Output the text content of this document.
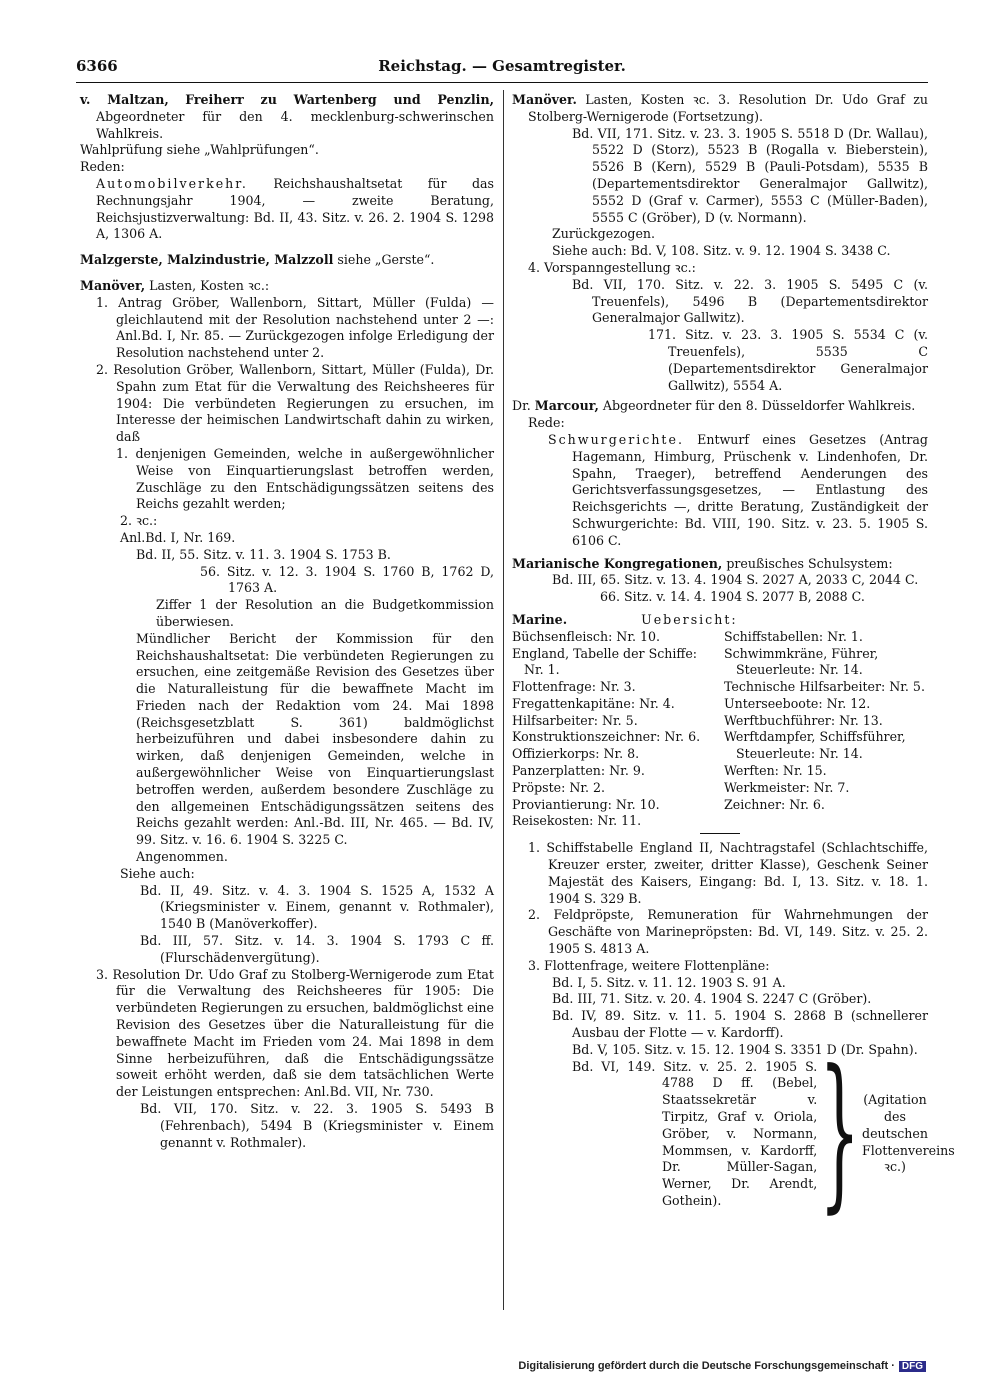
6366	Reichstag. — Gesamtregister.

v. Maltzan, Freiherr zu Wartenberg und Penzlin, Abgeordneter für den 4. mecklenburg-schwerinschen Wahlkreis.

Wahlprüfung siehe „Wahlprüfungen“.

Reden:

Automobilverkehr. Reichshaushaltsetat für das Rechnungsjahr 1904, — zweite Beratung, Reichsjustizverwaltung: Bd. II, 43. Sitz. v. 26. 2. 1904 S. 1298 A, 1306 A.

Malzgerste, Malzindustrie, Malzzoll siehe „Gerste“.

Manöver, Lasten, Kosten ꝛc.:

1. Antrag Gröber, Wallenborn, Sittart, Müller (Fulda) — gleichlautend mit der Resolution nachstehend unter 2 —: Anl.Bd. I, Nr. 85. — Zurückgezogen infolge Erledigung der Resolution nachstehend unter 2.

2. Resolution Gröber, Wallenborn, Sittart, Müller (Fulda), Dr. Spahn zum Etat für die Verwaltung des Reichsheeres für 1904: Die verbündeten Regierungen zu ersuchen, im Interesse der heimischen Landwirtschaft dahin zu wirken, daß

1. denjenigen Gemeinden, welche in außergewöhnlicher Weise von Einquartierungslast betroffen werden, Zuschläge zu den Entschädigungssätzen seitens des Reichs gezahlt werden;

2. ꝛc.:

Anl.Bd. I, Nr. 169.

Bd. II, 55. Sitz. v. 11. 3. 1904 S. 1753 B.

56. Sitz. v. 12. 3. 1904 S. 1760 B, 1762 D, 1763 A.

Ziffer 1 der Resolution an die Budgetkommission überwiesen.

Mündlicher Bericht der Kommission für den Reichshaushaltsetat: Die verbündeten Regierungen zu ersuchen, eine zeitgemäße Revision des Gesetzes über die Naturalleistung für die bewaffnete Macht im Frieden nach der Redaktion vom 24. Mai 1898 (Reichsgesetzblatt S. 361) baldmöglichst herbeizuführen und dabei insbesondere dahin zu wirken, daß denjenigen Gemeinden, welche in außergewöhnlicher Weise von Einquartierungslast betroffen werden, außerdem besondere Zuschläge zu den allgemeinen Entschädigungssätzen seitens des Reichs gezahlt werden: Anl.-Bd. III, Nr. 465. — Bd. IV, 99. Sitz. v. 16. 6. 1904 S. 3225 C.

Angenommen.

Siehe auch:

Bd. II, 49. Sitz. v. 4. 3. 1904 S. 1525 A, 1532 A (Kriegsminister v. Einem, genannt v. Rothmaler), 1540 B (Manöverkoffer).

Bd. III, 57. Sitz. v. 14. 3. 1904 S. 1793 C ff. (Flurschädenvergütung).

3. Resolution Dr. Udo Graf zu Stolberg-Wernigerode zum Etat für die Verwaltung des Reichsheeres für 1905: Die verbündeten Regierungen zu ersuchen, baldmöglichst eine Revision des Gesetzes über die Naturalleistung für die bewaffnete Macht im Frieden vom 24. Mai 1898 in dem Sinne herbeizuführen, daß die Entschädigungssätze soweit erhöht werden, daß sie dem tatsächlichen Werte der Leistungen entsprechen: Anl.Bd. VII, Nr. 730.

Bd. VII, 170. Sitz. v. 22. 3. 1905 S. 5493 B (Fehrenbach), 5494 B (Kriegsminister v. Einem genannt v. Rothmaler).

Manöver. Lasten, Kosten ꝛc. 3. Resolution Dr. Udo Graf zu Stolberg-Wernigerode (Fortsetzung).

Bd. VII, 171. Sitz. v. 23. 3. 1905 S. 5518 D (Dr. Wallau), 5522 D (Storz), 5523 B (Rogalla v. Bieberstein), 5526 B (Kern), 5529 B (Pauli-Potsdam), 5535 B (Departementsdirektor Generalmajor Gallwitz), 5552 D (Graf v. Carmer), 5553 C (Müller-Baden), 5555 C (Gröber), D (v. Normann).

Zurückgezogen.

Siehe auch: Bd. V, 108. Sitz. v. 9. 12. 1904 S. 3438 C.

4. Vorspanngestellung ꝛc.:

Bd. VII, 170. Sitz. v. 22. 3. 1905 S. 5495 C (v. Treuenfels), 5496 B (Departementsdirektor Generalmajor Gallwitz).

171. Sitz. v. 23. 3. 1905 S. 5534 C (v. Treuenfels), 5535 C (Departementsdirektor Generalmajor Gallwitz), 5554 A.

Dr. Marcour, Abgeordneter für den 8. Düsseldorfer Wahlkreis.

Rede:

Schwurgerichte. Entwurf eines Gesetzes (Antrag Hagemann, Himburg, Prüschenk v. Lindenhofen, Dr. Spahn, Traeger), betreffend Aenderungen des Gerichtsverfassungsgesetzes, — Entlastung des Reichsgerichts —, dritte Beratung, Zuständigkeit der Schwurgerichte: Bd. VIII, 190. Sitz. v. 23. 5. 1905 S. 6106 C.

Marianische Kongregationen, preußisches Schulsystem:

Bd. III, 65. Sitz. v. 13. 4. 1904 S. 2027 A, 2033 C, 2044 C.

66. Sitz. v. 14. 4. 1904 S. 2077 B, 2088 C.

Marine.	Uebersicht:

Büchsenfleisch: Nr. 10.
England, Tabelle der Schiffe: Nr. 1.
Flottenfrage: Nr. 3.
Fregattenkapitäne: Nr. 4.
Hilfsarbeiter: Nr. 5.
Konstruktionszeichner: Nr. 6.
Offizierkorps: Nr. 8.
Panzerplatten: Nr. 9.
Pröpste: Nr. 2.
Proviantierung: Nr. 10.
Reisekosten: Nr. 11.
Schiffstabellen: Nr. 1.
Schwimmkräne, Führer, Steuerleute: Nr. 14.
Technische Hilfsarbeiter: Nr. 5.
Unterseeboote: Nr. 12.
Werftbuchführer: Nr. 13.
Werftdampfer, Schiffsführer, Steuerleute: Nr. 14.
Werften: Nr. 15.
Werkmeister: Nr. 7.
Zeichner: Nr. 6.

1. Schiffstabelle England II, Nachtragstafel (Schlachtschiffe, Kreuzer erster, zweiter, dritter Klasse), Geschenk Seiner Majestät des Kaisers, Eingang: Bd. I, 13. Sitz. v. 18. 1. 1904 S. 329 B.

2. Feldpröpste, Remuneration für Wahrnehmungen der Geschäfte von Marinepröpsten: Bd. VI, 149. Sitz. v. 25. 2. 1905 S. 4813 A.

3. Flottenfrage, weitere Flottenpläne:

Bd. I, 5. Sitz. v. 11. 12. 1903 S. 91 A.

Bd. III, 71. Sitz. v. 20. 4. 1904 S. 2247 C (Gröber).

Bd. IV, 89. Sitz. v. 11. 5. 1904 S. 2868 B (schnellerer Ausbau der Flotte — v. Kardorff).

Bd. V, 105. Sitz. v. 15. 12. 1904 S. 3351 D (Dr. Spahn).

Bd. VI, 149. Sitz. v. 25. 2. 1905 S. 4788 D ff. (Bebel, Staatssekretär v. Tirpitz, Graf v. Oriola, Gröber, v. Normann, Mommsen, v. Kardorff, Dr. Müller-Sagan, Werner, Dr. Arendt, Gothein).	} (Agitation des deutschen Flottenvereins ꝛc.)
Digitalisierung gefördert durch die Deutsche Forschungsgemeinschaft · DFG
